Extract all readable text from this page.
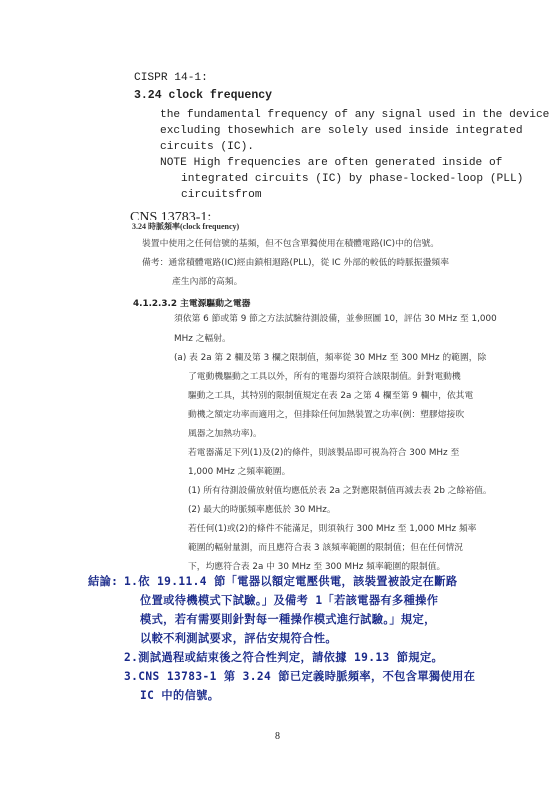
CISPR 14-1:
3.24 clock frequency
the fundamental frequency of any signal used in the device
excluding thosewhich are solely used inside integrated
circuits (IC).
NOTE High frequencies are often generated inside of
integrated circuits (IC) by phase-locked-loop (PLL)
circuitsfrom
CNS 13783-1:
3.24 時脈頻率(clock frequency)
裝置中使用之任何信號的基頻，但不包含單獨使用在積體電路(IC)中的信號。
備考：通常積體電路(IC)經由鎖相迴路(PLL)，從 IC 外部的較低的時脈振盪頻率
產生內部的高頻。
4.1.2.3.2 主電源驅動之電器
須依第 6 節或第 9 節之方法試驗待測設備，並參照圖 10，評估 30 MHz 至 1,000
MHz 之輻射。
(a) 表 2a 第 2 欄及第 3 欄之限制值，頻率從 30 MHz 至 300 MHz 的範圍，除
了電動機驅動之工具以外，所有的電器均須符合該限制值。針對電動機
驅動之工具，其特別的限制值規定在表 2a 之第 4 欄至第 9 欄中，依其電
動機之額定功率而適用之，但排除任何加熱裝置之功率(例：塑膠熔接吹
風器之加熱功率)。
若電器滿足下列(1)及(2)的條件，則該製品即可視為符合 300 MHz 至
1,000 MHz 之頻率範圍。
(1) 所有待測設備放射值均應低於表 2a 之對應限制值再減去表 2b 之餘裕值。
(2) 最大的時脈頻率應低於 30 MHz。
若任何(1)或(2)的條件不能滿足，則須執行 300 MHz 至 1,000 MHz 頻率
範圍的輻射量測，而且應符合表 3 該頻率範圍的限制值；但在任何情況
下，均應符合表 2a 中 30 MHz 至 300 MHz 頻率範圍的限制值。
結論: 1.依 19.11.4 節「電器以額定電壓供電，該裝置被設定在斷路
位置或待機模式下試驗。」及備考 1「若該電器有多種操作
模式，若有需要則針對每一種操作模式進行試驗。」規定，
以較不利測試要求，評估安規符合性。
2.測試過程或結束後之符合性判定，請依據 19.13 節規定。
3.CNS 13783-1 第 3.24 節已定義時脈頻率，不包含單獨使用在
IC 中的信號。
8
